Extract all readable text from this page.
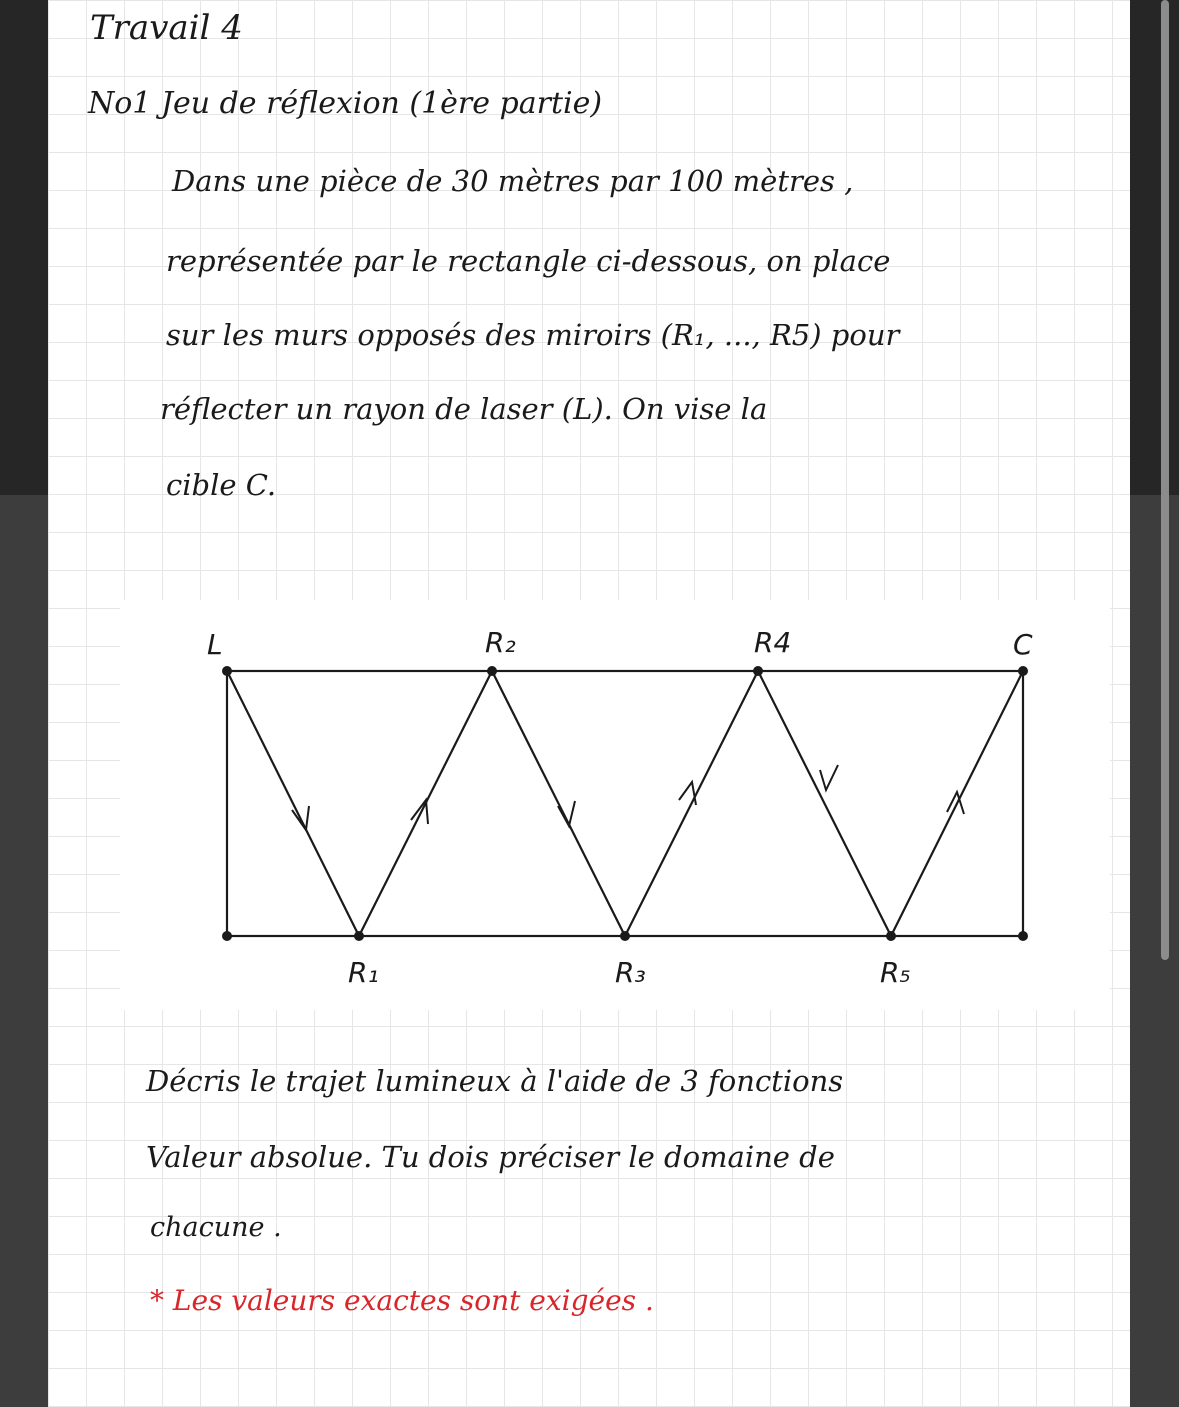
Travail 4
No1 Jeu de réflexion (1ère partie)
Dans une pièce de 30 mètres par 100 mètres ,
représentée par le rectangle ci-dessous, on place
sur les murs opposés des miroirs (R₁, ..., R5) pour
réflecter un rayon de laser (L). On vise la
cible C.
L	R₂	R4	C
R₁	R₃	R₅
Décris le trajet lumineux à l'aide de 3 fonctions
Valeur absolue. Tu dois préciser le domaine de
chacune .
* Les valeurs exactes sont exigées .
